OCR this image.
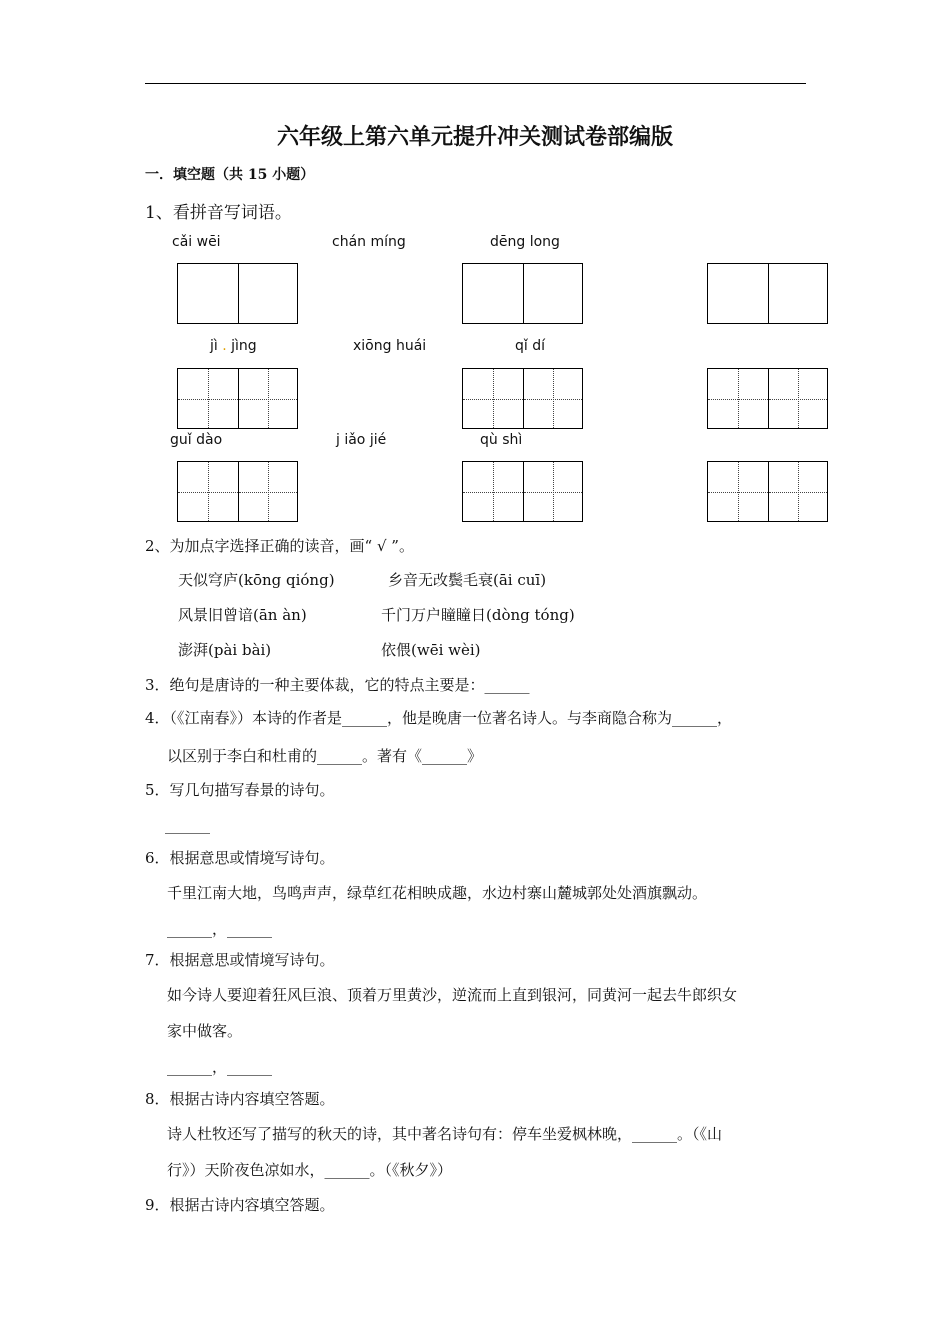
六年级上第六单元提升冲关测试卷部编版
一．填空题（共 15 小题）
1、看拼音写词语。
cǎi wēi	chán míng	dēng long
jì . jìng	xiōng huái	qǐ dí
guǐ dào	j iǎo jié	qù shì
2、为加点字选择正确的读音，画“ √ ”。
天似穹庐(kōng qióng)	乡音无改鬓毛衰(āi cuī)
风景旧曾谙(ān àn)	千门万户瞳瞳日(dòng tóng)
澎湃(pài bài)	依偎(wēi wèi)
3．绝句是唐诗的一种主要体裁，它的特点主要是：______
4．（《江南春》）本诗的作者是______，他是晚唐一位著名诗人。与李商隐合称为______，
以区别于李白和杜甫的______。著有《______》
5．写几句描写春景的诗句。
______
6．根据意思或情境写诗句。
千里江南大地，鸟鸣声声，绿草红花相映成趣，水边村寨山麓城郭处处酒旗飘动。
______，______
7．根据意思或情境写诗句。
如今诗人要迎着狂风巨浪、顶着万里黄沙，逆流而上直到银河，同黄河一起去牛郎织女
家中做客。
______，______
8．根据古诗内容填空答题。
诗人杜牧还写了描写的秋天的诗，其中著名诗句有：停车坐爱枫林晚，______。（《山
行》）天阶夜色凉如水，______。（《秋夕》）
9．根据古诗内容填空答题。
